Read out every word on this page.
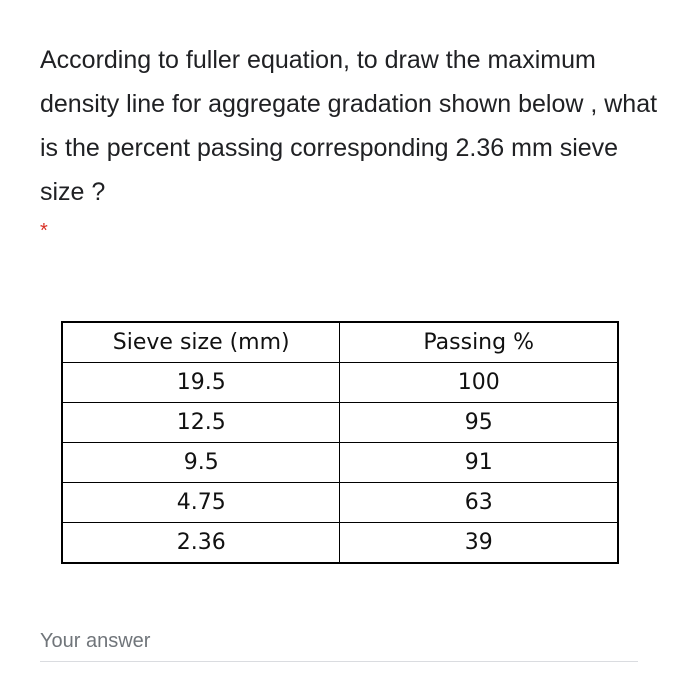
According to fuller equation, to draw the maximum density line for aggregate gradation shown below , what is the percent passing corresponding 2.36 mm sieve size ?

*
Sieve size (mm)	Passing %
19.5	100
12.5	95
9.5	91
4.75	63
2.36	39
Your answer
